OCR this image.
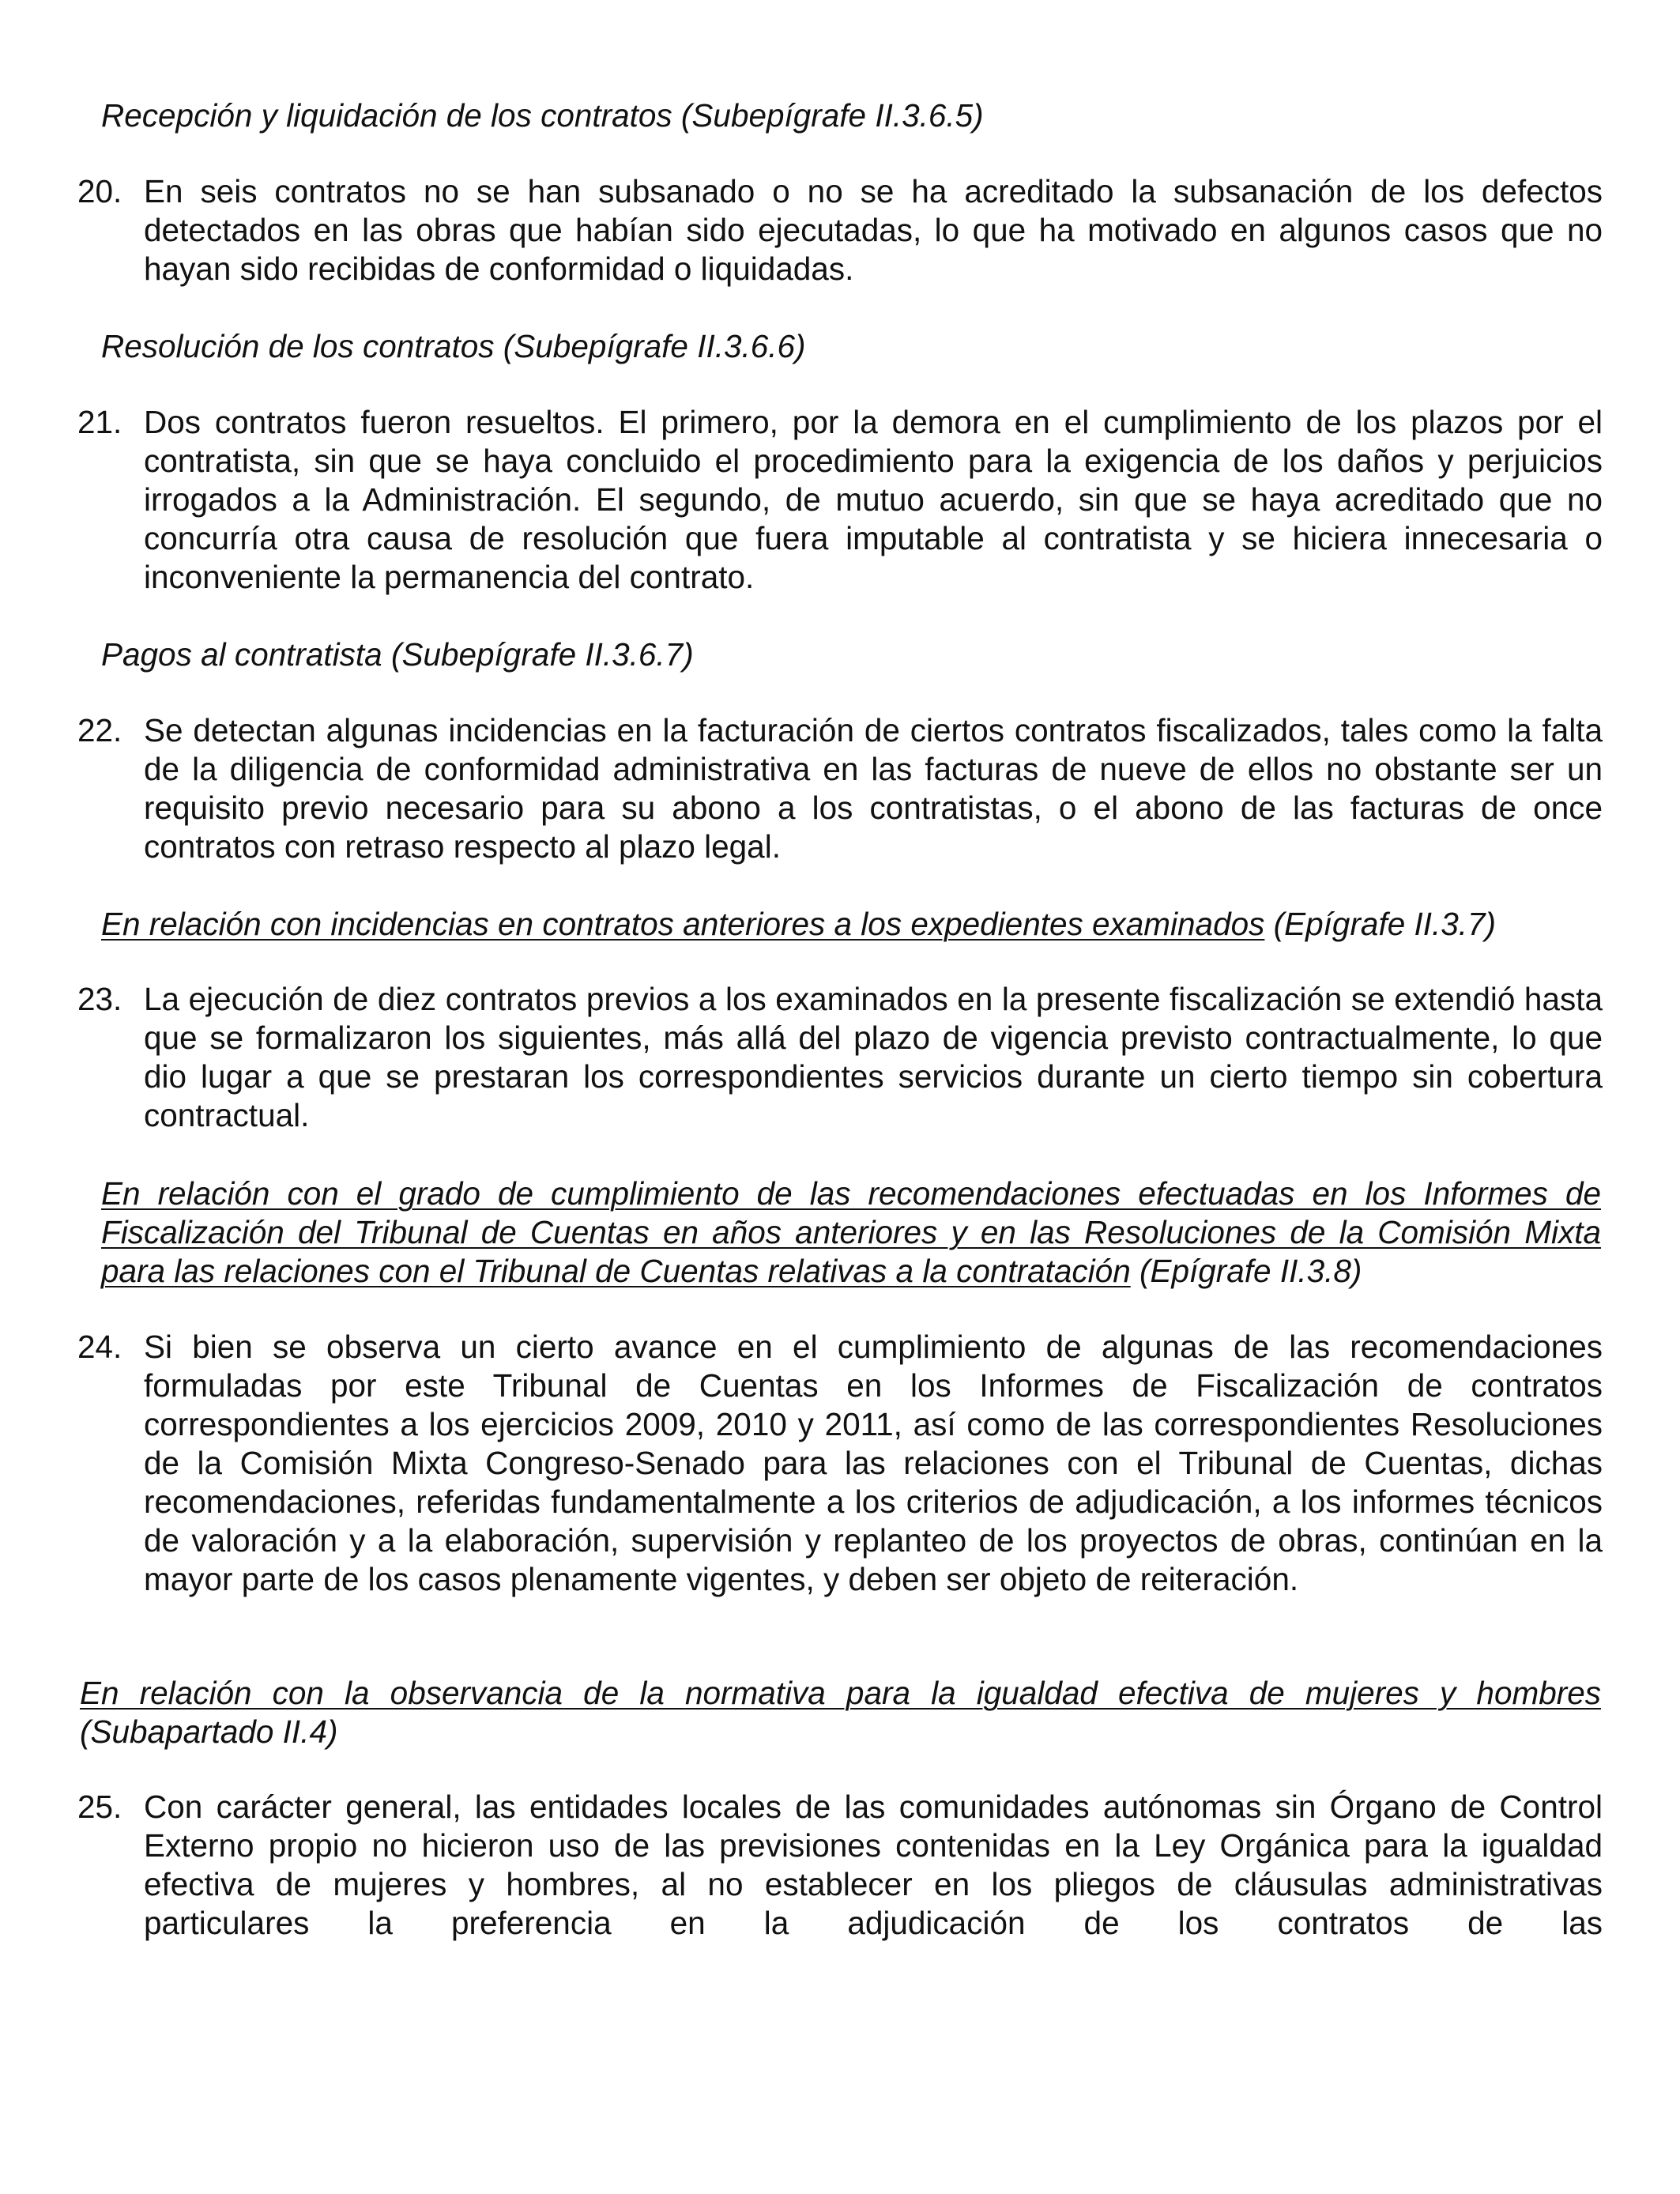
Recepción y liquidación de los contratos (Subepígrafe II.3.6.5)

20. En seis contratos no se han subsanado o no se ha acreditado la subsanación de los defectos detectados en las obras que habían sido ejecutadas, lo que ha motivado en algunos casos que no hayan sido recibidas de conformidad o liquidadas.

Resolución de los contratos (Subepígrafe II.3.6.6)

21. Dos contratos fueron resueltos. El primero, por la demora en el cumplimiento de los plazos por el contratista, sin que se haya concluido el procedimiento para la exigencia de los daños y perjuicios irrogados a la Administración. El segundo, de mutuo acuerdo, sin que se haya acreditado que no concurría otra causa de resolución que fuera imputable al contratista y se hiciera innecesaria o inconveniente la permanencia del contrato.

Pagos al contratista (Subepígrafe II.3.6.7)

22. Se detectan algunas incidencias en la facturación de ciertos contratos fiscalizados, tales como la falta de la diligencia de conformidad administrativa en las facturas de nueve de ellos no obstante ser un requisito previo necesario para su abono a los contratistas, o el abono de las facturas de once contratos con retraso respecto al plazo legal.

En relación con incidencias en contratos anteriores a los expedientes examinados (Epígrafe II.3.7)

23. La ejecución de diez contratos previos a los examinados en la presente fiscalización se extendió hasta que se formalizaron los siguientes, más allá del plazo de vigencia previsto contractualmente, lo que dio lugar a que se prestaran los correspondientes servicios durante un cierto tiempo sin cobertura contractual.

En relación con el grado de cumplimiento de las recomendaciones efectuadas en los Informes de Fiscalización del Tribunal de Cuentas en años anteriores y en las Resoluciones de la Comisión Mixta para las relaciones con el Tribunal de Cuentas relativas a la contratación (Epígrafe II.3.8)

24. Si bien se observa un cierto avance en el cumplimiento de algunas de las recomendaciones formuladas por este Tribunal de Cuentas en los Informes de Fiscalización de contratos correspondientes a los ejercicios 2009, 2010 y 2011, así como de las correspondientes Resoluciones de la Comisión Mixta Congreso-Senado para las relaciones con el Tribunal de Cuentas, dichas recomendaciones, referidas fundamentalmente a los criterios de adjudicación, a los informes técnicos de valoración y a la elaboración, supervisión y replanteo de los proyectos de obras, continúan en la mayor parte de los casos plenamente vigentes, y deben ser objeto de reiteración.

En relación con la observancia de la normativa para la igualdad efectiva de mujeres y hombres (Subapartado II.4)

25. Con carácter general, las entidades locales de las comunidades autónomas sin Órgano de Control Externo propio no hicieron uso de las previsiones contenidas en la Ley Orgánica para la igualdad efectiva de mujeres y hombres, al no establecer en los pliegos de cláusulas administrativas particulares la preferencia en la adjudicación de los contratos de las
